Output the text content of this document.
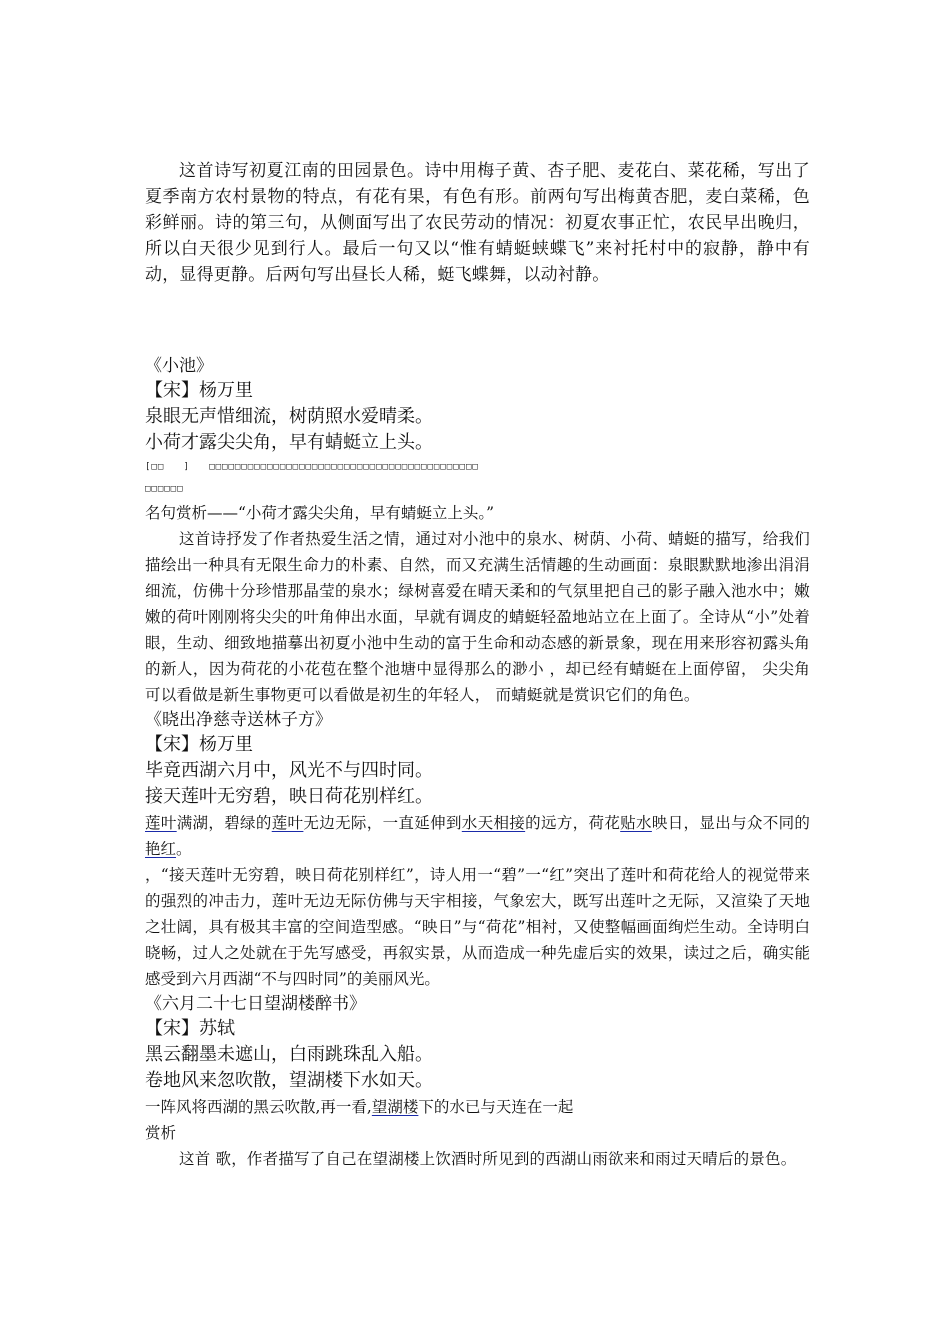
这首诗写初夏江南的田园景色。诗中用梅子黄、杏子肥、麦花白、菜花稀，写出了夏季南方农村景物的特点，有花有果，有色有形。前两句写出梅黄杏肥，麦白菜稀，色彩鲜丽。诗的第三句，从侧面写出了农民劳动的情况：初夏农事正忙，农民早出晚归，所以白天很少见到行人。最后一句又以“惟有蜻蜓蛱蝶飞”来衬托村中的寂静，静中有动，显得更静。后两句写出昼长人稀，蜓飞蝶舞，以动衬静。

《小池》

【宋】杨万里

泉眼无声惜细流，树荫照水爱晴柔。

小荷才露尖尖角，早有蜻蜓立上头。

[□□ ] □□□□□□□□□□□□□□□□□□□□□□□□□□□□□□□□□□□□□□□□□□

□□□□□□

名句赏析——“小荷才露尖尖角，早有蜻蜓立上头。”

这首诗抒发了作者热爱生活之情，通过对小池中的泉水、树荫、小荷、蜻蜓的描写，给我们描绘出一种具有无限生命力的朴素、自然，而又充满生活情趣的生动画面：泉眼默默地渗出涓涓细流，仿佛十分珍惜那晶莹的泉水；绿树喜爱在晴天柔和的气氛里把自己的影子融入池水中；嫩嫩的荷叶刚刚将尖尖的叶角伸出水面，早就有调皮的蜻蜓轻盈地站立在上面了。全诗从“小”处着眼，生动、细致地描摹出初夏小池中生动的富于生命和动态感的新景象，现在用来形容初露头角的新人，因为荷花的小花苞在整个池塘中显得那么的渺小 ，却已经有蜻蜓在上面停留， 尖尖角可以看做是新生事物更可以看做是初生的年轻人， 而蜻蜓就是赏识它们的角色。

《晓出净慈寺送林子方》

【宋】杨万里

毕竟西湖六月中，风光不与四时同。

接天莲叶无穷碧，映日荷花别样红。

莲叶满湖，碧绿的莲叶无边无际，一直延伸到水天相接的远方，荷花贴水映日，显出与众不同的艳红。

，“接天莲叶无穷碧，映日荷花别样红”，诗人用一“碧”一“红”突出了莲叶和荷花给人的视觉带来的强烈的冲击力，莲叶无边无际仿佛与天宇相接，气象宏大，既写出莲叶之无际，又渲染了天地之壮阔，具有极其丰富的空间造型感。“映日”与“荷花”相衬，又使整幅画面绚烂生动。全诗明白晓畅，过人之处就在于先写感受，再叙实景，从而造成一种先虚后实的效果，读过之后，确实能感受到六月西湖“不与四时同”的美丽风光。

《六月二十七日望湖楼醉书》

【宋】苏轼

黑云翻墨未遮山，白雨跳珠乱入船。

卷地风来忽吹散，望湖楼下水如天。

一阵风将西湖的黑云吹散,再一看,望湖楼下的水已与天连在一起

赏析

这首 歌，作者描写了自己在望湖楼上饮酒时所见到的西湖山雨欲来和雨过天晴后的景色。
